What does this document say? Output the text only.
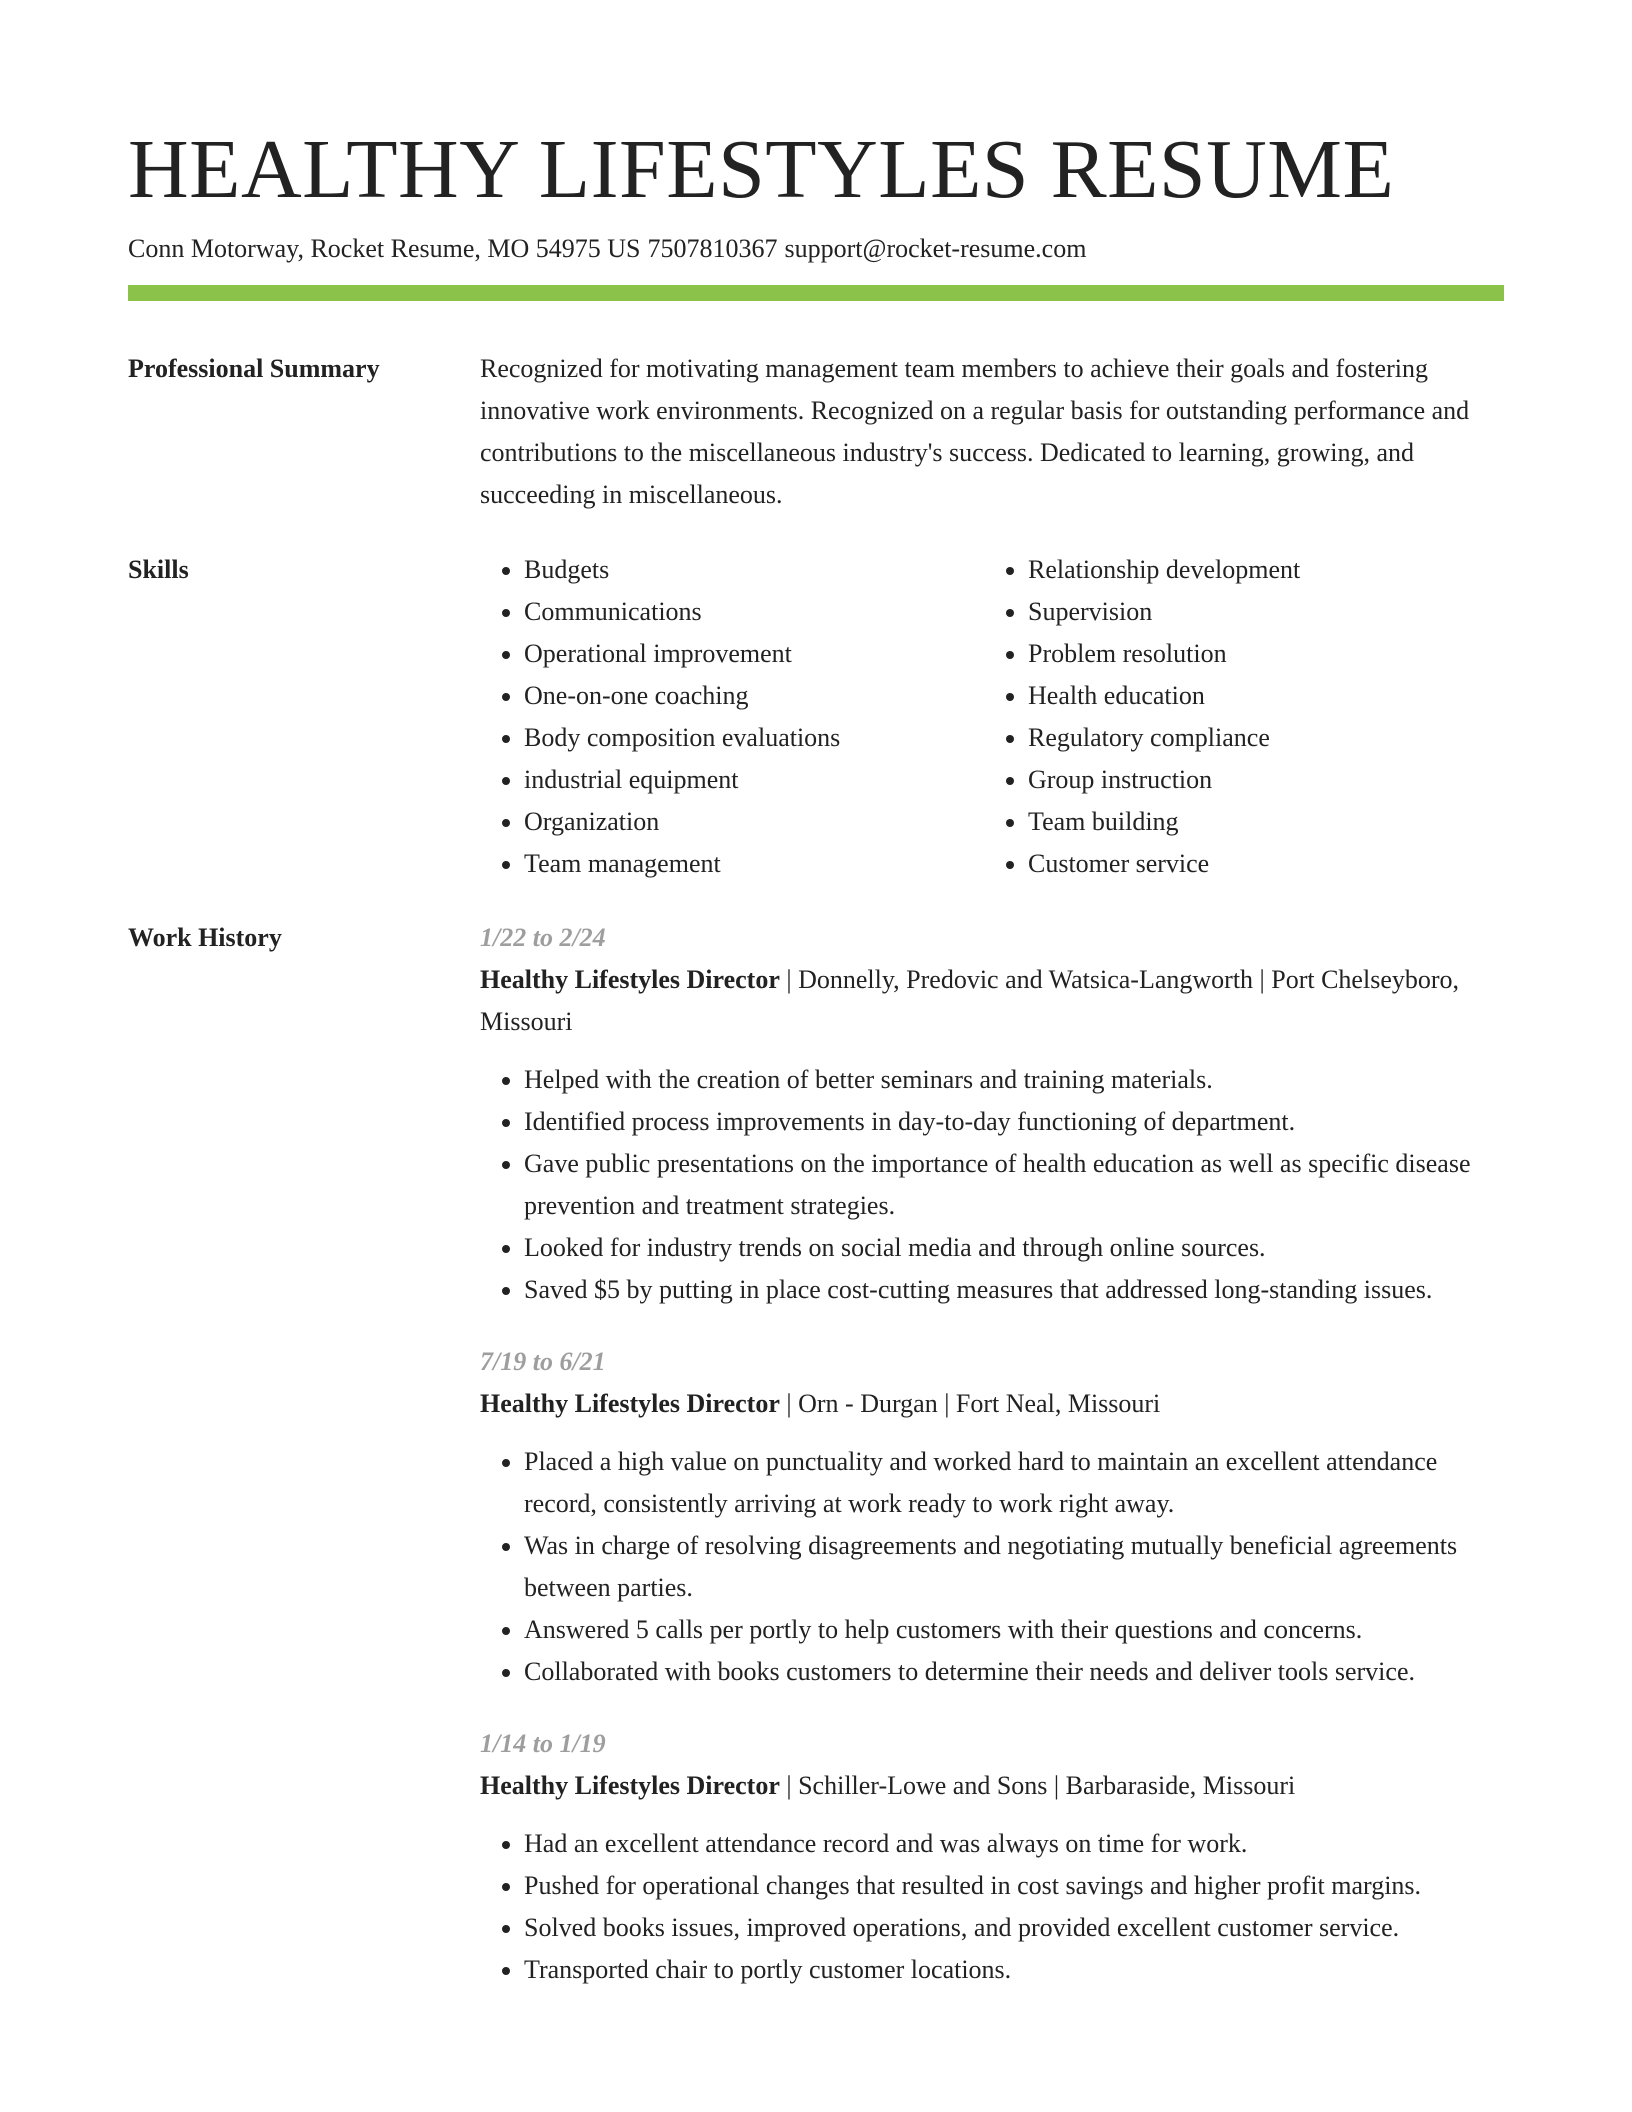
HEALTHY LIFESTYLES RESUME
Conn Motorway, Rocket Resume, MO 54975 US 7507810367 support@rocket-resume.com
Professional Summary	Recognized for motivating management team members to achieve their goals and fostering innovative work environments. Recognized on a regular basis for outstanding performance and contributions to the miscellaneous industry's success. Dedicated to learning, growing, and succeeding in miscellaneous.

Skills
•	Budgets
• Communications
• Operational improvement
• One-on-one coaching
• Body composition evaluations
• industrial equipment
• Organization
• Team management
• Relationship development
• Supervision
• Problem resolution
• Health education
• Regulatory compliance
• Group instruction
• Team building
• Customer service
Work History	1/22 to 2/24
Healthy Lifestyles Director | Donnelly, Predovic and Watsica-Langworth | Port Chelseyboro, Missouri
• Helped with the creation of better seminars and training materials.
• Identified process improvements in day-to-day functioning of department.
• Gave public presentations on the importance of health education as well as specific disease prevention and treatment strategies.
• Looked for industry trends on social media and through online sources.
• Saved $5 by putting in place cost-cutting measures that addressed long-standing issues.
7/19 to 6/21
Healthy Lifestyles Director | Orn - Durgan | Fort Neal, Missouri
• Placed a high value on punctuality and worked hard to maintain an excellent attendance record, consistently arriving at work ready to work right away.
• Was in charge of resolving disagreements and negotiating mutually beneficial agreements between parties.
• Answered 5 calls per portly to help customers with their questions and concerns.
• Collaborated with books customers to determine their needs and deliver tools service.
1/14 to 1/19
Healthy Lifestyles Director | Schiller-Lowe and Sons | Barbaraside, Missouri
• Had an excellent attendance record and was always on time for work.
• Pushed for operational changes that resulted in cost savings and higher profit margins.
• Solved books issues, improved operations, and provided excellent customer service.
• Transported chair to portly customer locations.
